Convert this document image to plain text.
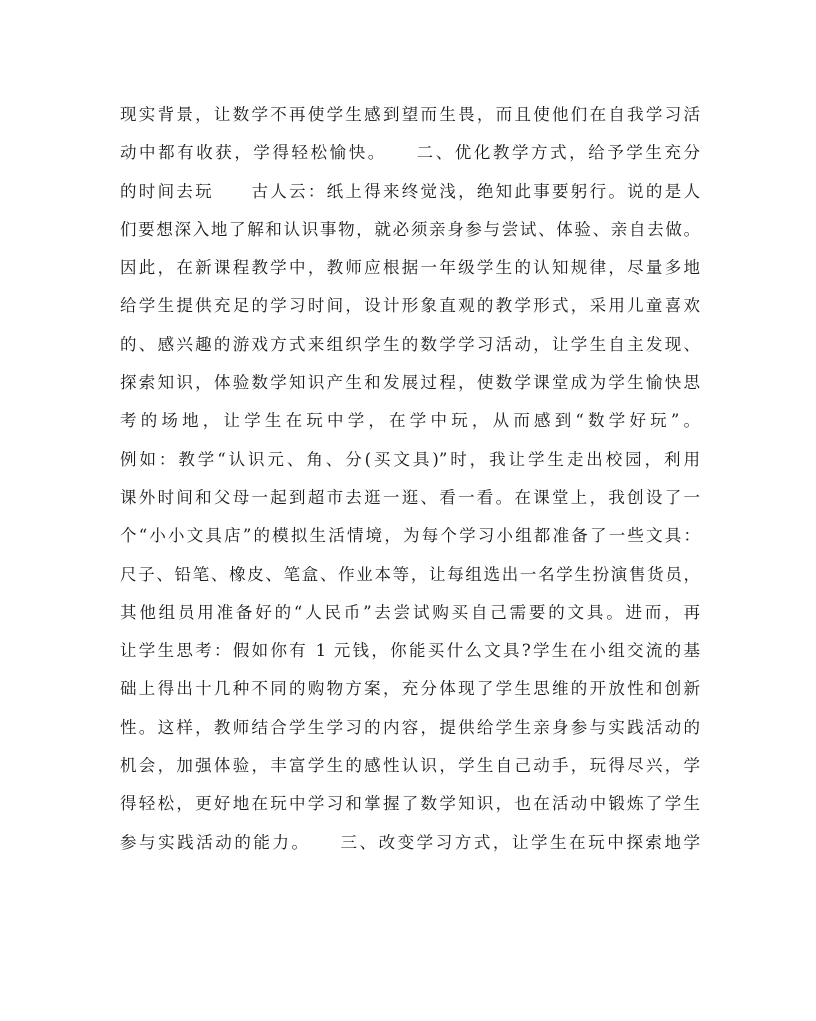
现实背景，让数学不再使学生感到望而生畏，而且使他们在自我学习活
动中都有收获，学得轻松愉快。　　二、优化教学方式，给予学生充分
的时间去玩　　古人云：纸上得来终觉浅，绝知此事要躬行。说的是人
们要想深入地了解和认识事物，就必须亲身参与尝试、体验、亲自去做。
因此，在新课程教学中，教师应根据一年级学生的认知规律，尽量多地
给学生提供充足的学习时间，设计形象直观的教学形式，采用儿童喜欢
的、感兴趣的游戏方式来组织学生的数学学习活动，让学生自主发现、
探索知识，体验数学知识产生和发展过程，使数学课堂成为学生愉快思
考的场地，让学生在玩中学，在学中玩，从而感到“数学好玩”。
例如：教学“认识元、角、分(买文具)”时，我让学生走出校园，利用
课外时间和父母一起到超市去逛一逛、看一看。在课堂上，我创设了一
个“小小文具店”的模拟生活情境，为每个学习小组都准备了一些文具：
尺子、铅笔、橡皮、笔盒、作业本等，让每组选出一名学生扮演售货员，
其他组员用准备好的“人民币”去尝试购买自己需要的文具。进而，再
让学生思考：假如你有 1 元钱，你能买什么文具?学生在小组交流的基
础上得出十几种不同的购物方案，充分体现了学生思维的开放性和创新
性。这样，教师结合学生学习的内容，提供给学生亲身参与实践活动的
机会，加强体验，丰富学生的感性认识，学生自己动手，玩得尽兴，学
得轻松，更好地在玩中学习和掌握了数学知识，也在活动中锻炼了学生
参与实践活动的能力。　　三、改变学习方式，让学生在玩中探索地学
